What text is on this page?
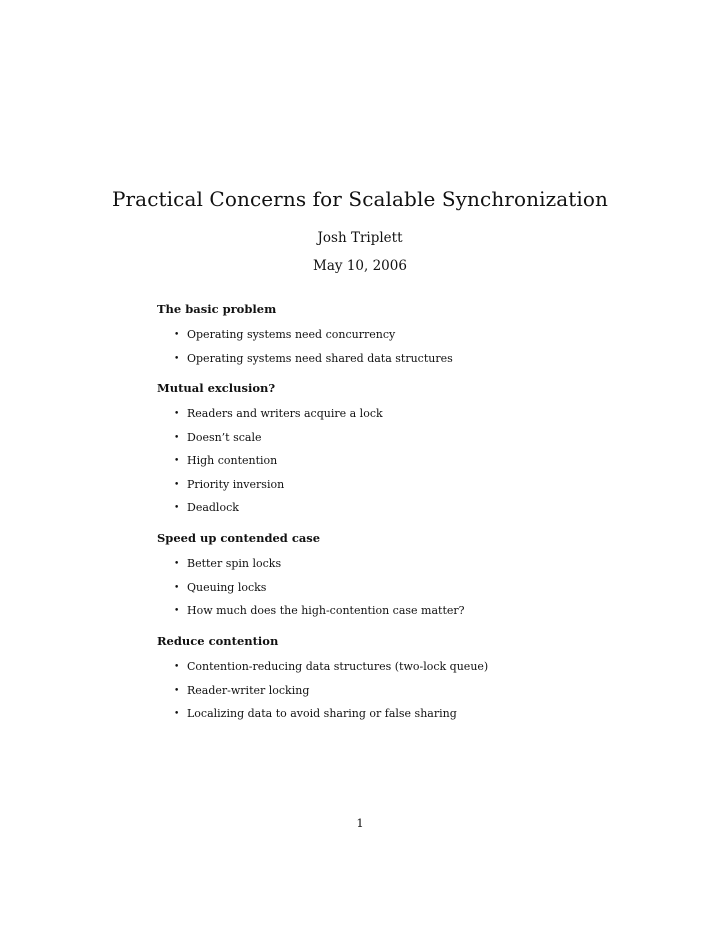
Practical Concerns for Scalable Synchronization
Josh Triplett
May 10, 2006
The basic problem
• Operating systems need concurrency
• Operating systems need shared data structures
Mutual exclusion?
• Readers and writers acquire a lock
• Doesn’t scale
• High contention
• Priority inversion
• Deadlock
Speed up contended case
• Better spin locks
• Queuing locks
• How much does the high-contention case matter?
Reduce contention
• Contention-reducing data structures (two-lock queue)
• Reader-writer locking
• Localizing data to avoid sharing or false sharing
1
